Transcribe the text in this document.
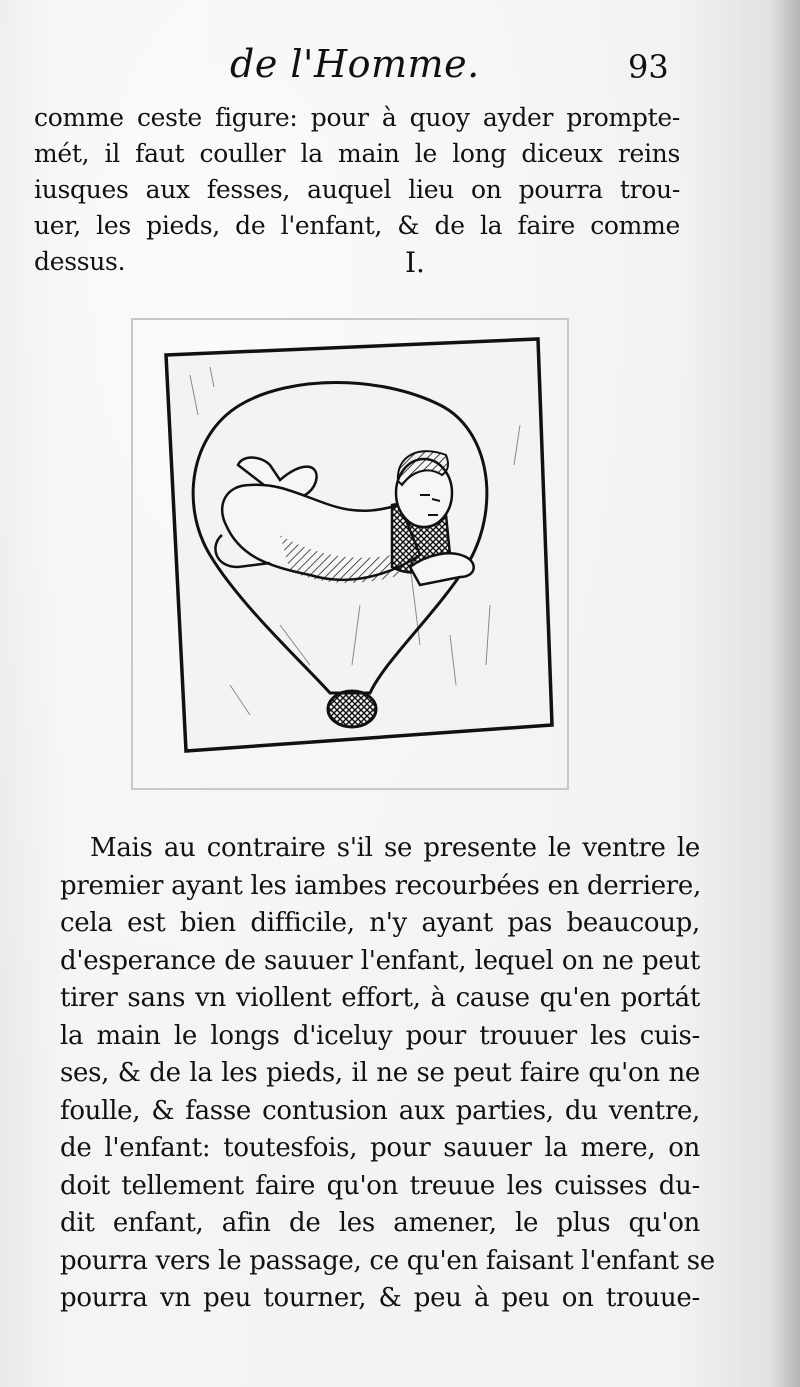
de l'Homme.	93
comme ceste figure: pour à quoy ayder prompte-
mét, il faut couller la main le long diceux reins
iusques aux fesses, auquel lieu on pourra trou-
uer, les pieds, de l'enfant, & de la faire comme
dessus.	I.
Mais au contraire s'il se presente le ventre le
premier ayant les iambes recourbées en derriere,
cela est bien difficile, n'y ayant pas beaucoup,
d'esperance de sauuer l'enfant, lequel on ne peut
tirer sans vn viollent effort, à cause qu'en portát
la main le longs d'iceluy pour trouuer les cuis-
ses, & de la les pieds, il ne se peut faire qu'on ne
foulle, & fasse contusion aux parties, du ventre,
de l'enfant: toutesfois, pour sauuer la mere, on
doit tellement faire qu'on treuue les cuisses du-
dit enfant, afin de les amener, le plus qu'on
pourra vers le passage, ce qu'en faisant l'enfant se
pourra vn peu tourner, & peu à peu on trouue-
